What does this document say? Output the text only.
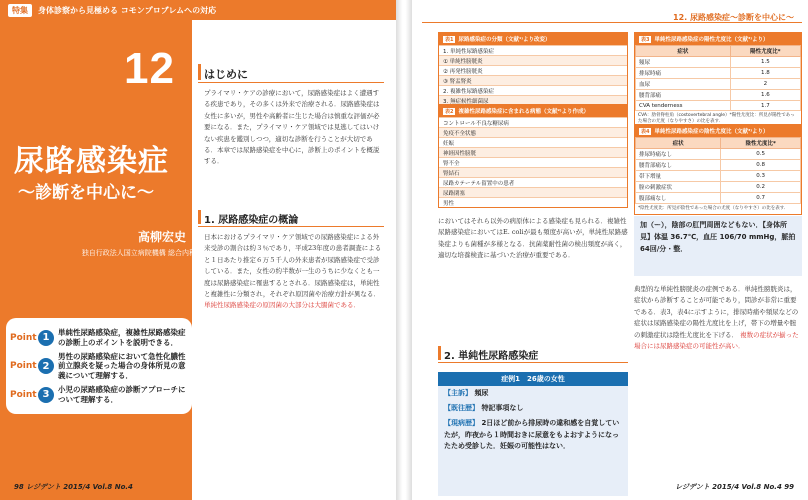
特集	身体診察から見極める コモンプロブレムへの対応
12
尿路感染症
〜診断を中心に〜
高柳宏史
独自行政法人国立病院機構 総合内科
Point 1	単純性尿路感染症，複雑性尿路感染症の診断上のポイントを説明できる．
Point 2
男性の尿路感染症において急性化膿性前立腺炎を疑った場合の身体所見の意義について理解する．
Point 3	小児の尿路感染症の診断アプローチについて理解する．
はじめに
プライマリ・ケアの診療において，尿路感染症はよく遭遇する疾患であり，その多くは外来で治療される．尿路感染症は女性に多いが，男性や高齢者に生じた場合は慎重な評価が必要になる．また，プライマリ・ケア領域では見逃してはいけない疾患を鑑別しつつ，適切な診断を行うことが大切である．本章では尿路感染症を中心に，診断上のポイントを概説する．
1. 尿路感染症の概論
日本におけるプライマリ・ケア領域での尿路感染症による外来受診の割合は約３％であり，平成23年度の患者調査によると１日あたり推定６万５千人の外来患者が尿路感染症で受診している．また，女性の約半数が一生のうちに少なくとも一度は尿路感染症に罹患するとされる．尿路感染症は，単純性と複雑性に分類され，それぞれ原因菌や治療方針が異なる． 単純性尿路感染症の原因菌の大部分は大腸菌である．
98 レジデント 2015/4 Vol.8 No.4
12. 尿路感染症〜診断を中心に〜
表1 尿路感染症の分類（文献¹⁾より改変）
1. 単純性尿路感染症
① 単純性膀胱炎
② 再発性膀胱炎
③ 腎盂腎炎
2. 複雑性尿路感染症
3. 無症候性細菌尿
表2 複雑性尿路感染症に含まれる病態（文献²⁾より作成）
コントロール不良な糖尿病
免疫不全状態
妊娠
神経因性膀胱
腎不全
腎結石
尿路カテーテル留置中の患者
尿路閉塞
男性
表3 単純性尿路感染症の陽性尤度比（文献³⁾より）
症状	陽性尤度比*
頻尿	1.5
排尿時痛	1.8
血尿	2
腰背部痛	1.6
CVA tenderness	1.7
CVA：肋骨脊柱角（costovertebral angle）*陽性尤度比：所見が陽性であった場合の尤度（なりやすさ）の比を表す．
表4 単純性尿路感染症の陰性尤度比（文献³⁾より）
症状	陰性尤度比*
排尿時痛なし	0.5
腰背部痛なし	0.8
帯下増量	0.3
膣の刺激症状	0.2
腹部痛なし	0.7
*陰性尤度比：所見が陰性であった場合の尤度（なりやすさ）の比を表す．
においてはそれら以外の病原体による感染症も見られる．複雑性尿路感染症においてはE. coliが最も頻度が高いが，単純性尿路感染症よりも菌種が多様となる．抗菌薬耐性菌の検出頻度が高く，適切な培養検査に基づいた治療が重要である．
2. 単純性尿路感染症
症例1　26歳の女性
【主訴】 頻尿
【既往歴】 特記事項なし
【現病歴】 2日ほど前から排尿時の違和感を自覚していたが，昨夜から１時間おきに尿意をもよおすようになったため受診した．妊娠の可能性はない．
加（ー），陰部の肛門周囲などもない．【身体所見】体温 36.7℃，血圧 106/70 mmHg，脈拍 64回/分・整．
典型的な単純性膀胱炎の症例である．単純性膀胱炎は，症状から診断することが可能であり，問診が非常に重要である．表3，表4に示すように，排尿時痛や頻尿などの症状は尿路感染症の陽性尤度比を上げ，帯下の増量や膣の刺激症状は陰性尤度比を下げる． 複数の症状が揃った場合には尿路感染症の可能性が高い．
レジデント 2015/4 Vol.8 No.4 99
